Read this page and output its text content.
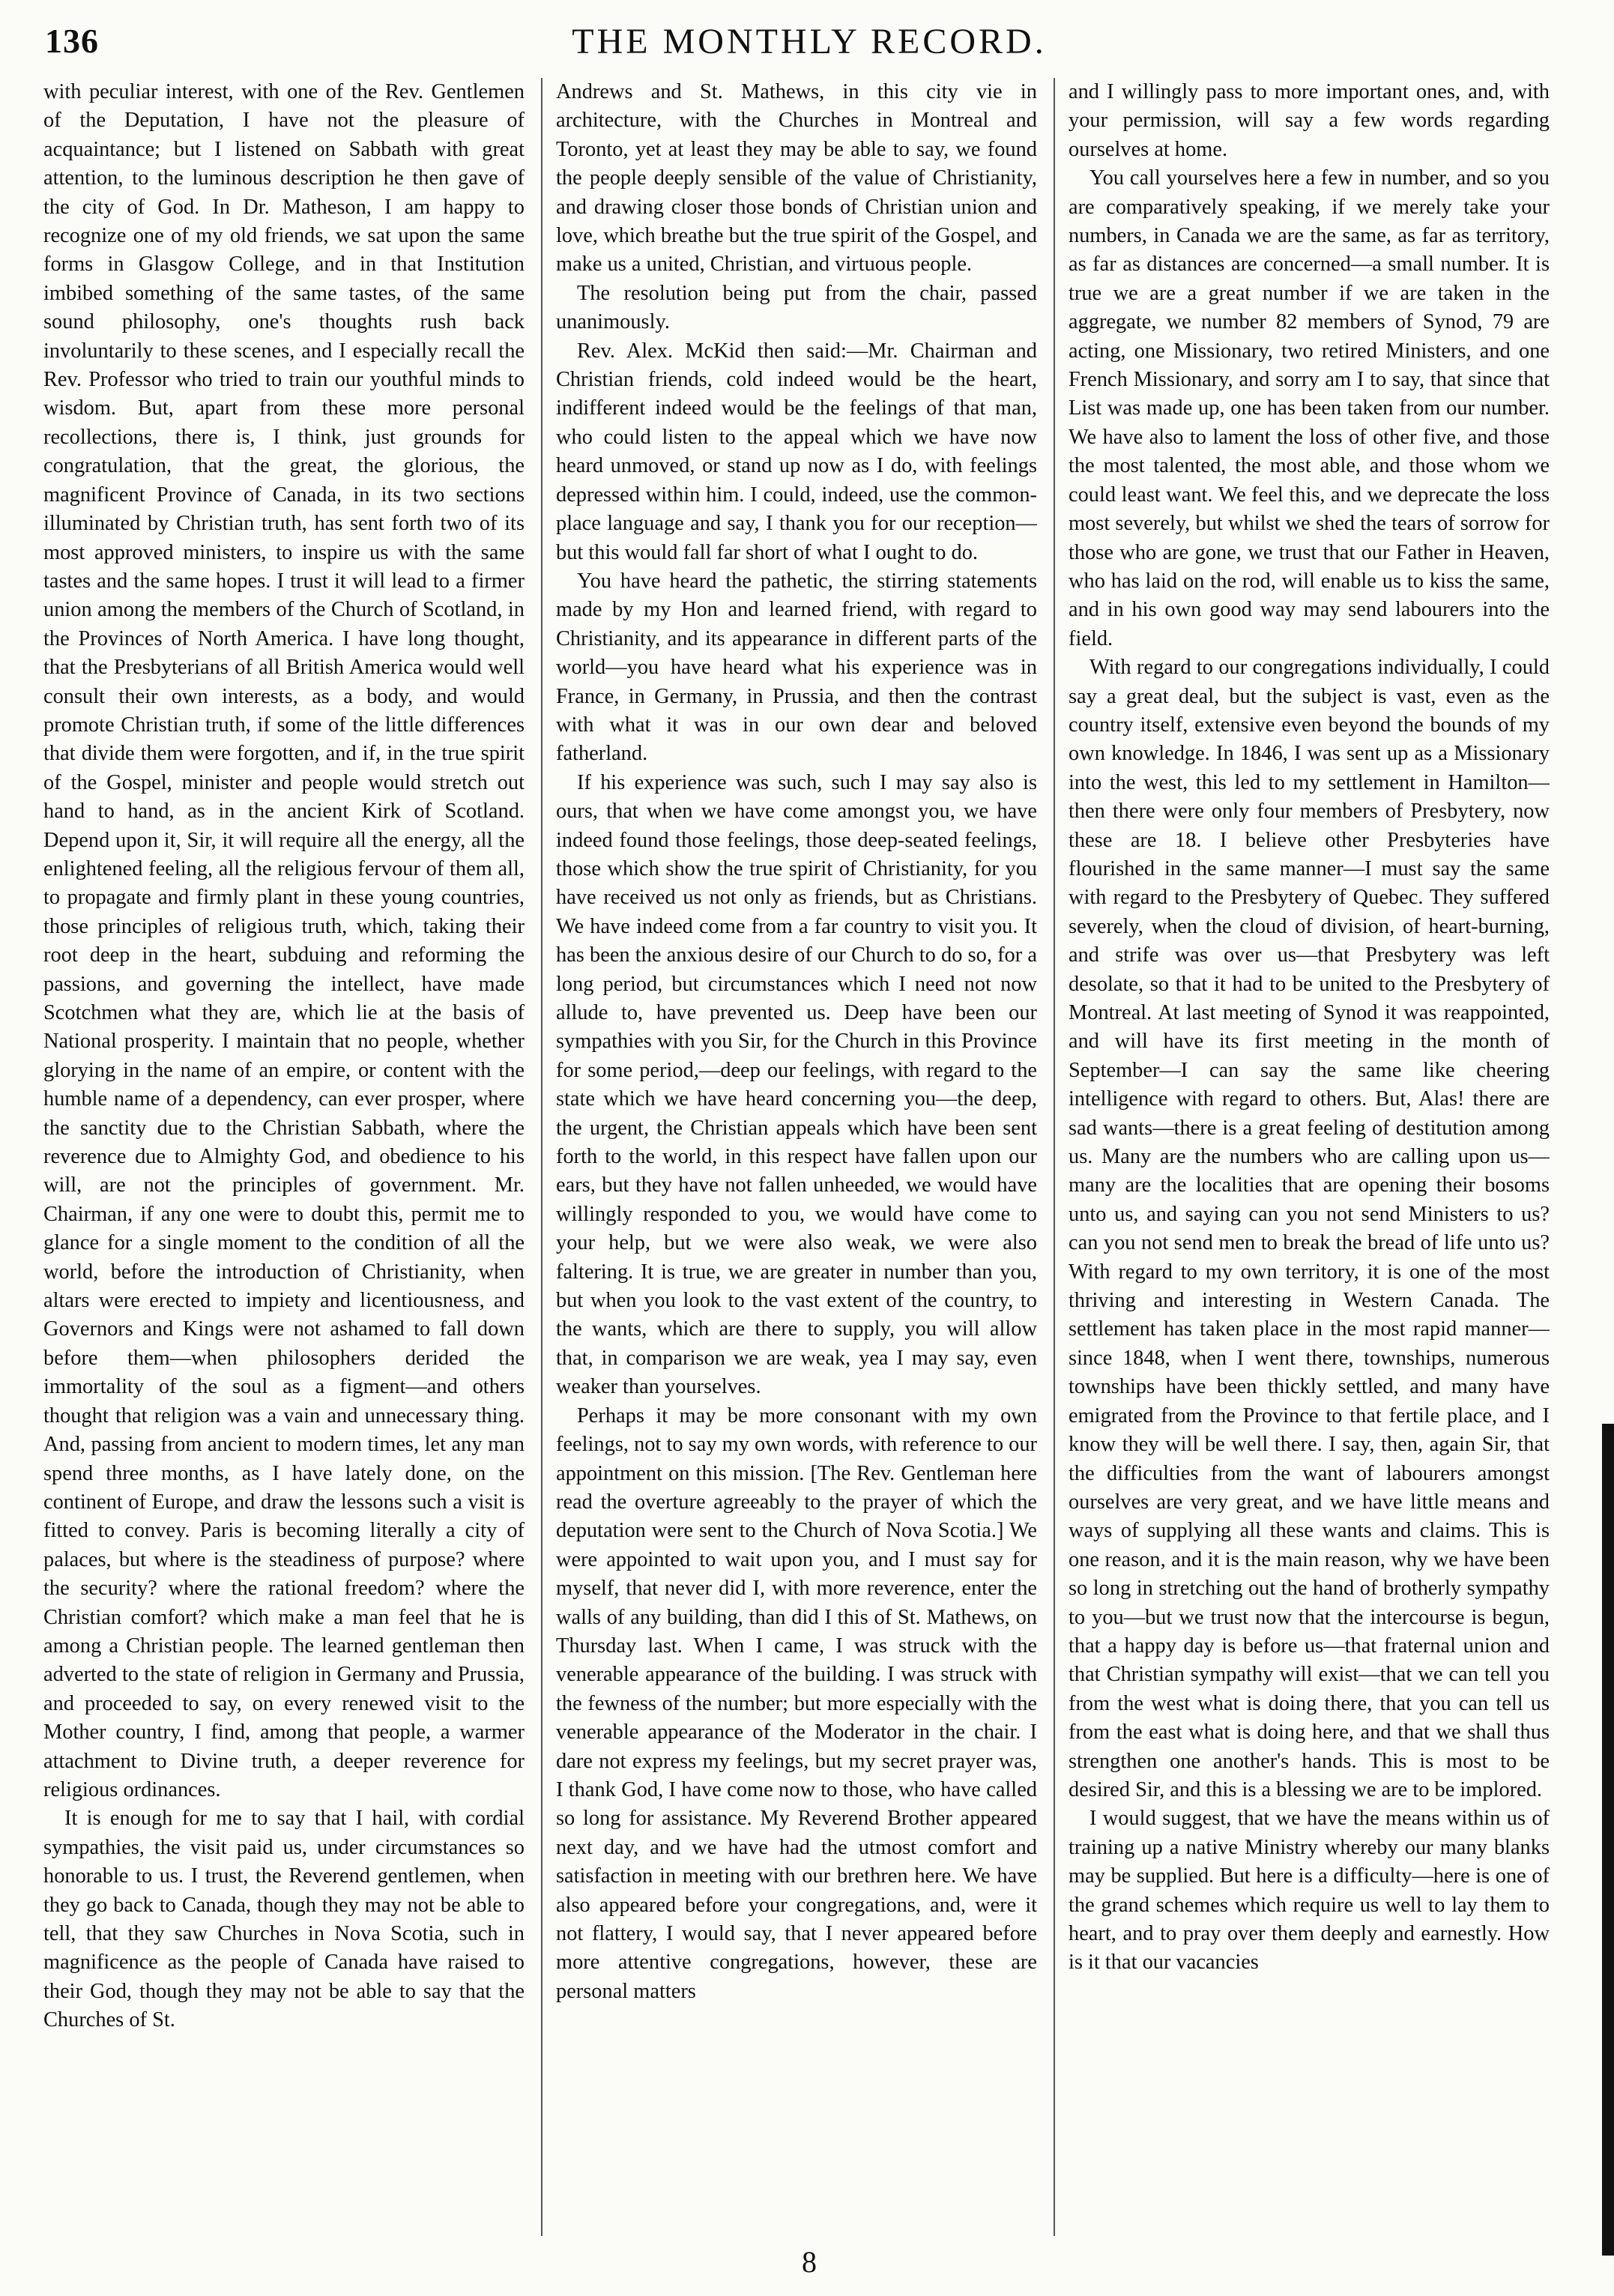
136	THE MONTHLY RECORD.

with peculiar interest, with one of the Rev. Gentlemen of the Deputation, I have not the pleasure of acquaintance; but I listened on Sabbath with great attention, to the luminous description he then gave of the city of God. In Dr. Matheson, I am happy to recognize one of my old friends, we sat upon the same forms in Glasgow College, and in that Institution imbibed something of the same tastes, of the same sound philosophy, one's thoughts rush back involuntarily to these scenes, and I especially recall the Rev. Professor who tried to train our youthful minds to wisdom. But, apart from these more personal recollections, there is, I think, just grounds for congratulation, that the great, the glorious, the magnificent Province of Canada, in its two sections illuminated by Christian truth, has sent forth two of its most approved ministers, to inspire us with the same tastes and the same hopes. I trust it will lead to a firmer union among the members of the Church of Scotland, in the Provinces of North America. I have long thought, that the Presbyterians of all British America would well consult their own interests, as a body, and would promote Christian truth, if some of the little differences that divide them were forgotten, and if, in the true spirit of the Gospel, minister and people would stretch out hand to hand, as in the ancient Kirk of Scotland. Depend upon it, Sir, it will require all the energy, all the enlightened feeling, all the religious fervour of them all, to propagate and firmly plant in these young countries, those principles of religious truth, which, taking their root deep in the heart, subduing and reforming the passions, and governing the intellect, have made Scotchmen what they are, which lie at the basis of National prosperity. I maintain that no people, whether glorying in the name of an empire, or content with the humble name of a dependency, can ever prosper, where the sanctity due to the Christian Sabbath, where the reverence due to Almighty God, and obedience to his will, are not the principles of government. Mr. Chairman, if any one were to doubt this, permit me to glance for a single moment to the condition of all the world, before the introduction of Christianity, when altars were erected to impiety and licentiousness, and Governors and Kings were not ashamed to fall down before them—when philosophers derided the immortality of the soul as a figment—and others thought that religion was a vain and unnecessary thing. And, passing from ancient to modern times, let any man spend three months, as I have lately done, on the continent of Europe, and draw the lessons such a visit is fitted to convey. Paris is becoming literally a city of palaces, but where is the steadiness of purpose? where the security? where the rational freedom? where the Christian comfort? which make a man feel that he is among a Christian people. The learned gentleman then adverted to the state of religion in Germany and Prussia, and proceeded to say, on every renewed visit to the Mother country, I find, among that people, a warmer attachment to Divine truth, a deeper reverence for religious ordinances.

It is enough for me to say that I hail, with cordial sympathies, the visit paid us, under circumstances so honorable to us. I trust, the Reverend gentlemen, when they go back to Canada, though they may not be able to tell, that they saw Churches in Nova Scotia, such in magnificence as the people of Canada have raised to their God, though they may not be able to say that the Churches of St.

Andrews and St. Mathews, in this city vie in architecture, with the Churches in Montreal and Toronto, yet at least they may be able to say, we found the people deeply sensible of the value of Christianity, and drawing closer those bonds of Christian union and love, which breathe but the true spirit of the Gospel, and make us a united, Christian, and virtuous people.

The resolution being put from the chair, passed unanimously.

Rev. Alex. McKid then said:—Mr. Chairman and Christian friends, cold indeed would be the heart, indifferent indeed would be the feelings of that man, who could listen to the appeal which we have now heard unmoved, or stand up now as I do, with feelings depressed within him. I could, indeed, use the common-place language and say, I thank you for our reception—but this would fall far short of what I ought to do.

You have heard the pathetic, the stirring statements made by my Hon and learned friend, with regard to Christianity, and its appearance in different parts of the world—you have heard what his experience was in France, in Germany, in Prussia, and then the contrast with what it was in our own dear and beloved fatherland.

If his experience was such, such I may say also is ours, that when we have come amongst you, we have indeed found those feelings, those deep-seated feelings, those which show the true spirit of Christianity, for you have received us not only as friends, but as Christians. We have indeed come from a far country to visit you. It has been the anxious desire of our Church to do so, for a long period, but circumstances which I need not now allude to, have prevented us. Deep have been our sympathies with you Sir, for the Church in this Province for some period,—deep our feelings, with regard to the state which we have heard concerning you—the deep, the urgent, the Christian appeals which have been sent forth to the world, in this respect have fallen upon our ears, but they have not fallen unheeded, we would have willingly responded to you, we would have come to your help, but we were also weak, we were also faltering. It is true, we are greater in number than you, but when you look to the vast extent of the country, to the wants, which are there to supply, you will allow that, in comparison we are weak, yea I may say, even weaker than yourselves.

Perhaps it may be more consonant with my own feelings, not to say my own words, with reference to our appointment on this mission. [The Rev. Gentleman here read the overture agreeably to the prayer of which the deputation were sent to the Church of Nova Scotia.] We were appointed to wait upon you, and I must say for myself, that never did I, with more reverence, enter the walls of any building, than did I this of St. Mathews, on Thursday last. When I came, I was struck with the venerable appearance of the building. I was struck with the fewness of the number; but more especially with the venerable appearance of the Moderator in the chair. I dare not express my feelings, but my secret prayer was, I thank God, I have come now to those, who have called so long for assistance. My Reverend Brother appeared next day, and we have had the utmost comfort and satisfaction in meeting with our brethren here. We have also appeared before your congregations, and, were it not flattery, I would say, that I never appeared before more attentive congregations, however, these are personal matters

and I willingly pass to more important ones, and, with your permission, will say a few words regarding ourselves at home.

You call yourselves here a few in number, and so you are comparatively speaking, if we merely take your numbers, in Canada we are the same, as far as territory, as far as distances are concerned—a small number. It is true we are a great number if we are taken in the aggregate, we number 82 members of Synod, 79 are acting, one Missionary, two retired Ministers, and one French Missionary, and sorry am I to say, that since that List was made up, one has been taken from our number. We have also to lament the loss of other five, and those the most talented, the most able, and those whom we could least want. We feel this, and we deprecate the loss most severely, but whilst we shed the tears of sorrow for those who are gone, we trust that our Father in Heaven, who has laid on the rod, will enable us to kiss the same, and in his own good way may send labourers into the field.

With regard to our congregations individually, I could say a great deal, but the subject is vast, even as the country itself, extensive even beyond the bounds of my own knowledge. In 1846, I was sent up as a Missionary into the west, this led to my settlement in Hamilton—then there were only four members of Presbytery, now these are 18. I believe other Presbyteries have flourished in the same manner—I must say the same with regard to the Presbytery of Quebec. They suffered severely, when the cloud of division, of heart-burning, and strife was over us—that Presbytery was left desolate, so that it had to be united to the Presbytery of Montreal. At last meeting of Synod it was reappointed, and will have its first meeting in the month of September—I can say the same like cheering intelligence with regard to others. But, Alas! there are sad wants—there is a great feeling of destitution among us. Many are the numbers who are calling upon us—many are the localities that are opening their bosoms unto us, and saying can you not send Ministers to us? can you not send men to break the bread of life unto us? With regard to my own territory, it is one of the most thriving and interesting in Western Canada. The settlement has taken place in the most rapid manner—since 1848, when I went there, townships, numerous townships have been thickly settled, and many have emigrated from the Province to that fertile place, and I know they will be well there. I say, then, again Sir, that the difficulties from the want of labourers amongst ourselves are very great, and we have little means and ways of supplying all these wants and claims. This is one reason, and it is the main reason, why we have been so long in stretching out the hand of brotherly sympathy to you—but we trust now that the intercourse is begun, that a happy day is before us—that fraternal union and that Christian sympathy will exist—that we can tell you from the west what is doing there, that you can tell us from the east what is doing here, and that we shall thus strengthen one another's hands. This is most to be desired Sir, and this is a blessing we are to be implored.

I would suggest, that we have the means within us of training up a native Ministry whereby our many blanks may be supplied. But here is a difficulty—here is one of the grand schemes which require us well to lay them to heart, and to pray over them deeply and earnestly. How is it that our vacancies

8
